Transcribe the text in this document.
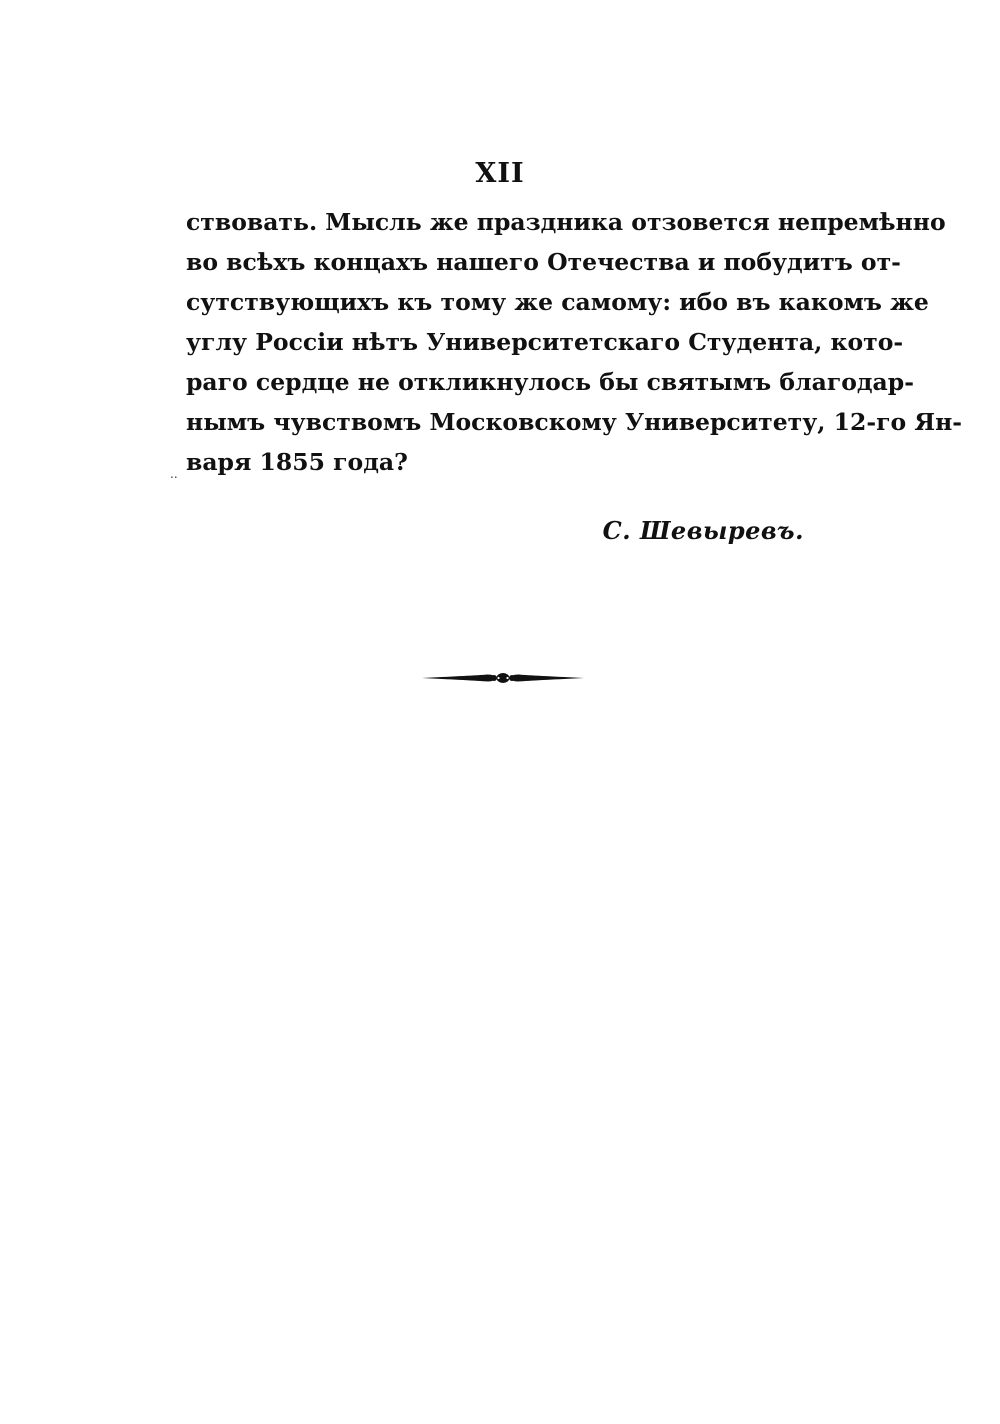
XII
ствовать. Мысль же праздника отзовется непремѣнно
во всѣхъ концахъ нашего Отечества и побудитъ от-
сутствующихъ къ тому же самому: ибо въ какомъ же
углу Россіи нѣтъ Университетскаго Студента, кото-
раго сердце не откликнулось бы святымъ благодар-
нымъ чувствомъ Московскому Университету, 12-го Ян-
варя 1855 года?
..
С. Шевыревъ.
